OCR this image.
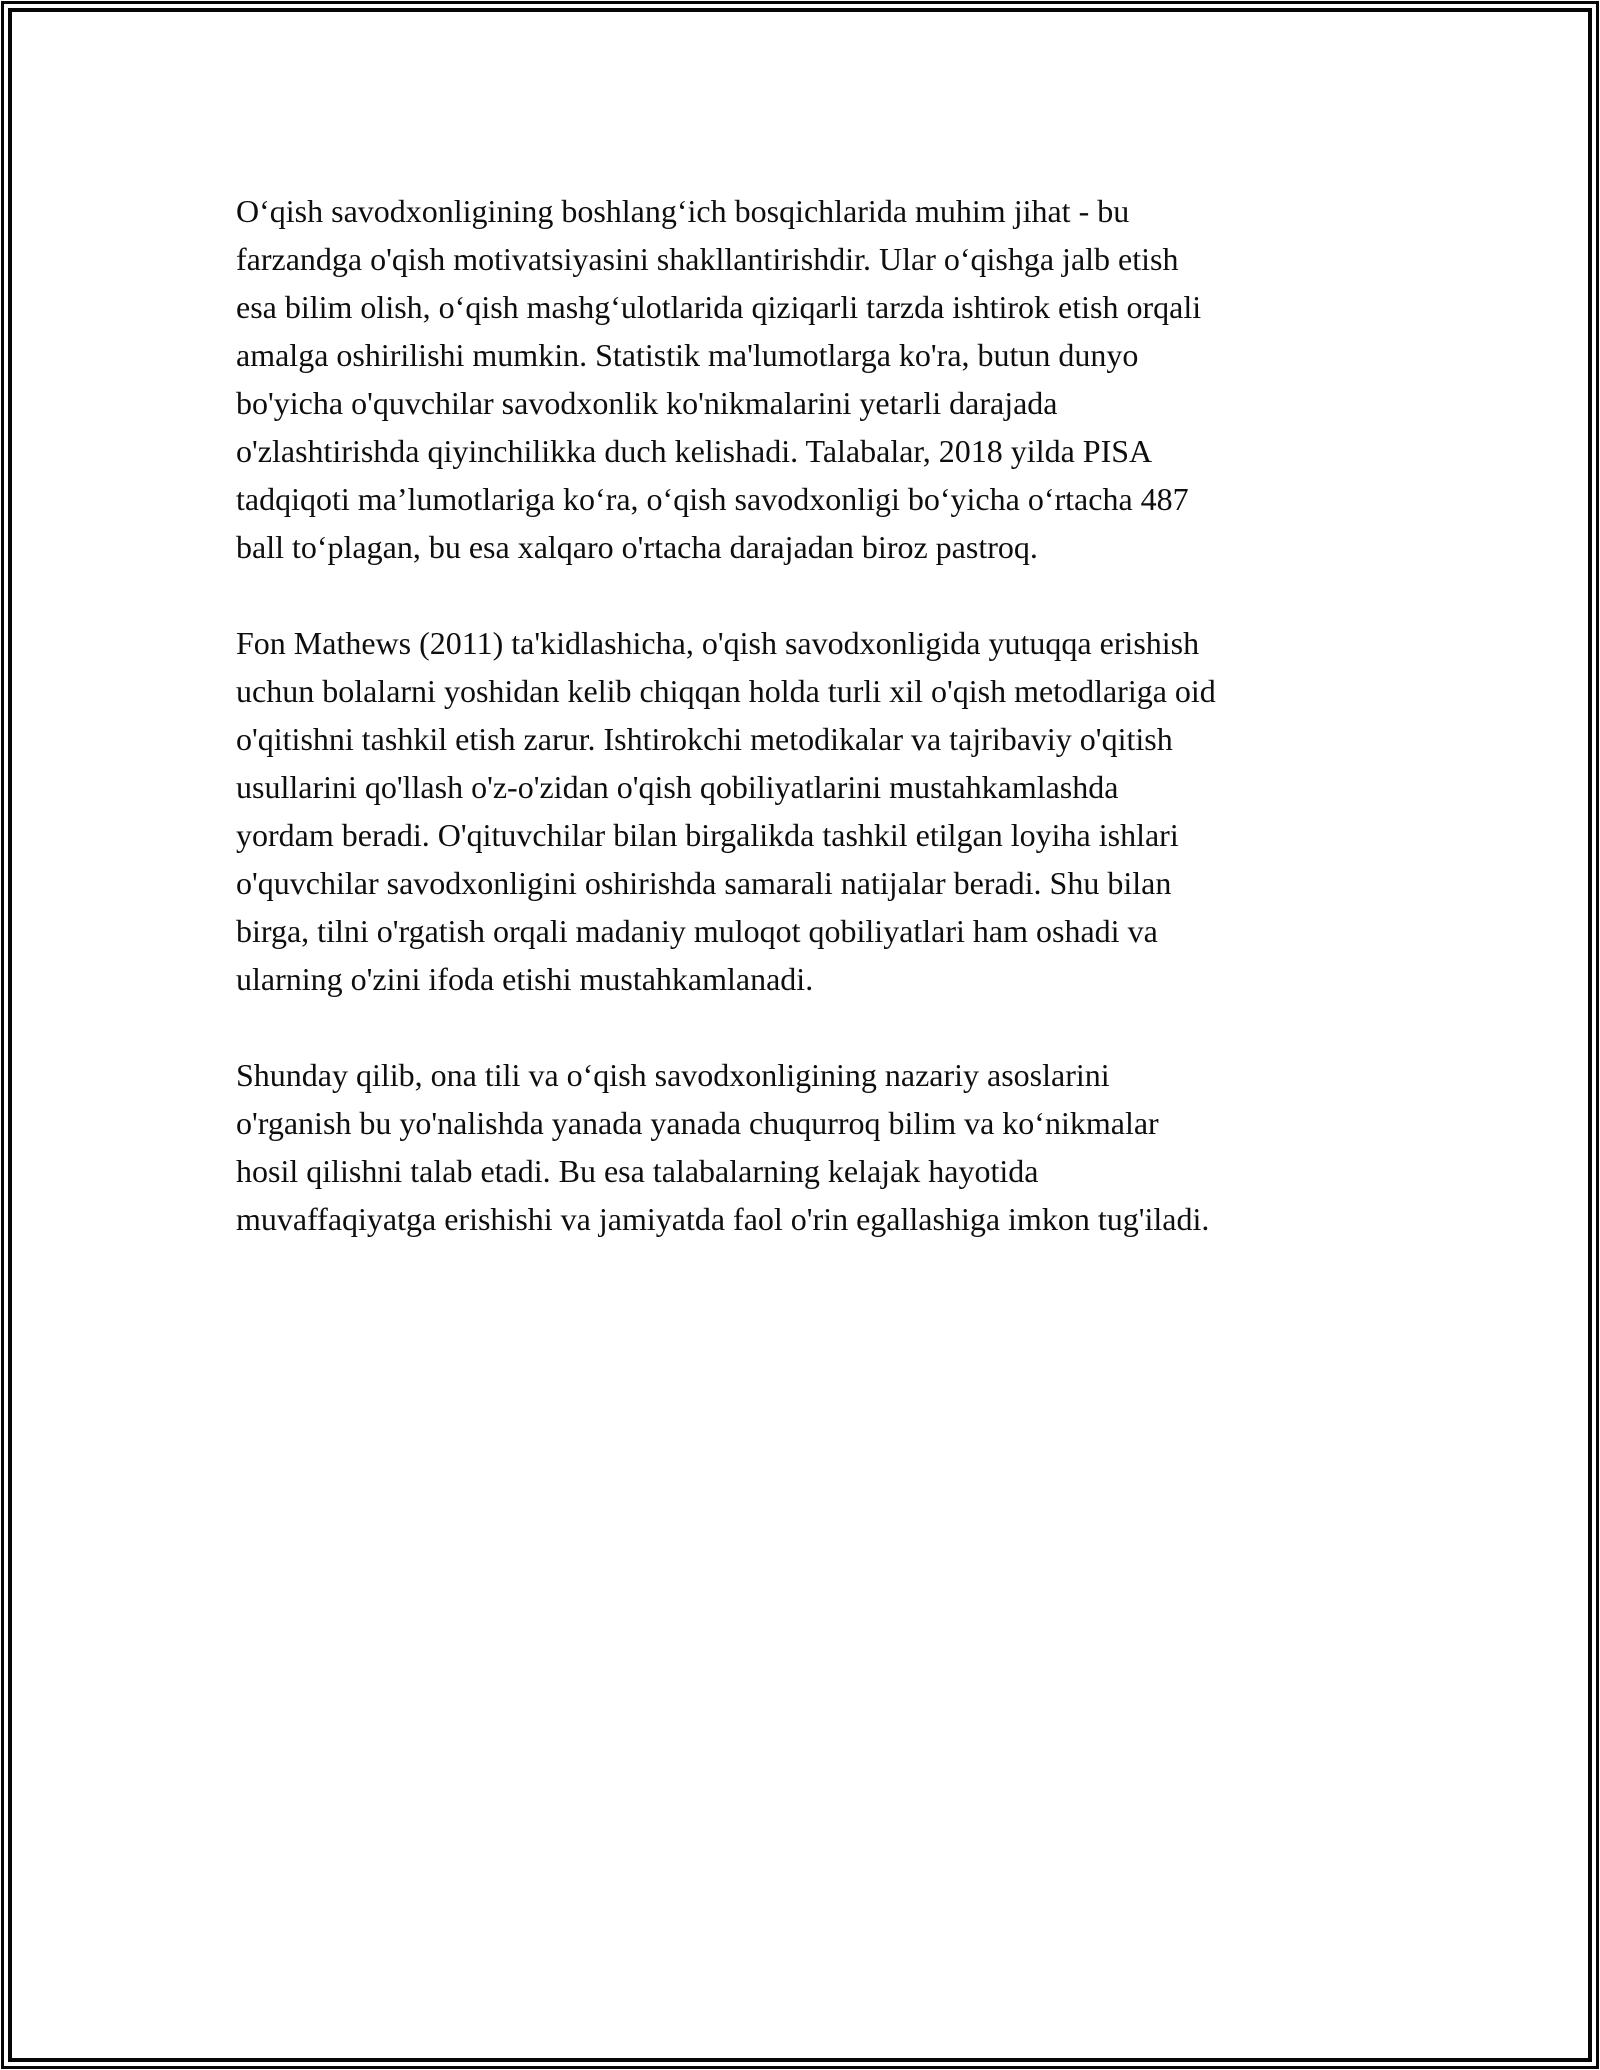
Oʻqish savodxonligining boshlangʻich bosqichlarida muhim jihat - bu
farzandga o'qish motivatsiyasini shakllantirishdir. Ular oʻqishga jalb etish
esa bilim olish, oʻqish mashgʻulotlarida qiziqarli tarzda ishtirok etish orqali
amalga oshirilishi mumkin. Statistik ma'lumotlarga ko'ra, butun dunyo
bo'yicha o'quvchilar savodxonlik ko'nikmalarini yetarli darajada
o'zlashtirishda qiyinchilikka duch kelishadi. Talabalar, 2018 yilda PISA
tadqiqoti ma’lumotlariga koʻra, oʻqish savodxonligi boʻyicha oʻrtacha 487
ball toʻplagan, bu esa xalqaro o'rtacha darajadan biroz pastroq.
Fon Mathews (2011) ta'kidlashicha, o'qish savodxonligida yutuqqa erishish
uchun bolalarni yoshidan kelib chiqqan holda turli xil o'qish metodlariga oid
o'qitishni tashkil etish zarur. Ishtirokchi metodikalar va tajribaviy o'qitish
usullarini qo'llash o'z-o'zidan o'qish qobiliyatlarini mustahkamlashda
yordam beradi. O'qituvchilar bilan birgalikda tashkil etilgan loyiha ishlari
o'quvchilar savodxonligini oshirishda samarali natijalar beradi. Shu bilan
birga, tilni o'rgatish orqali madaniy muloqot qobiliyatlari ham oshadi va
ularning o'zini ifoda etishi mustahkamlanadi.
Shunday qilib, ona tili va oʻqish savodxonligining nazariy asoslarini
o'rganish bu yo'nalishda yanada yanada chuqurroq bilim va koʻnikmalar
hosil qilishni talab etadi. Bu esa talabalarning kelajak hayotida
muvaffaqiyatga erishishi va jamiyatda faol o'rin egallashiga imkon tug'iladi.
